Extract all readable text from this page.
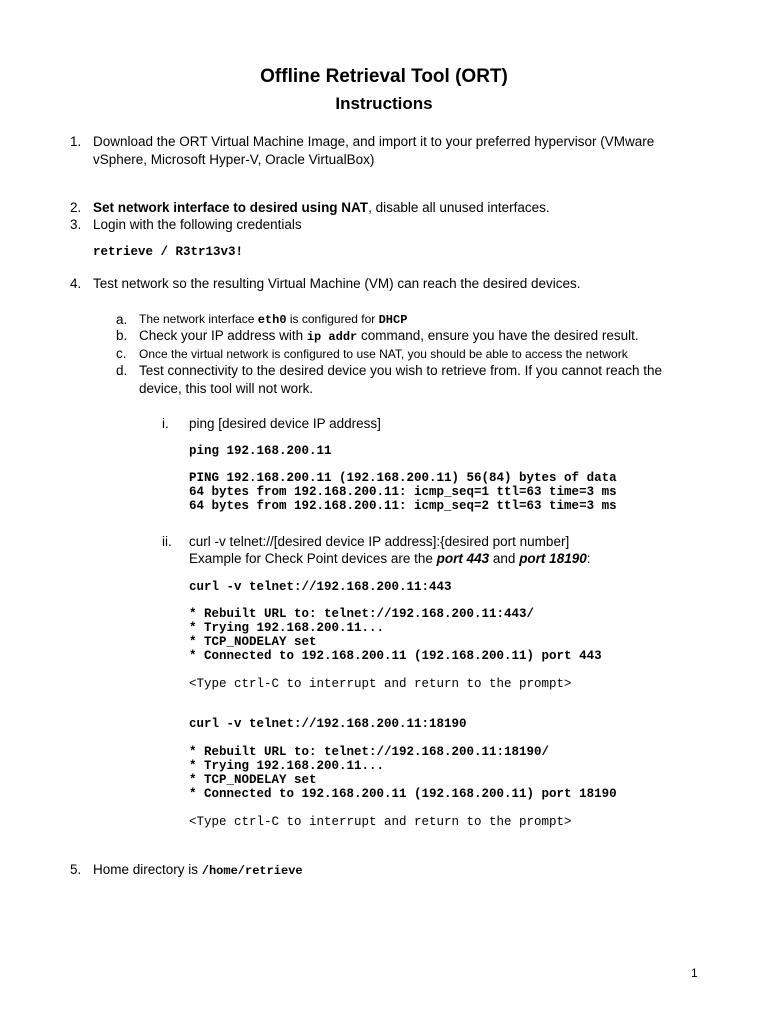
Offline Retrieval Tool (ORT)
Instructions
1. Download the ORT Virtual Machine Image, and import it to your preferred hypervisor (VMware
vSphere, Microsoft Hyper-V, Oracle VirtualBox)
2. Set network interface to desired using NAT, disable all unused interfaces.
3. Login with the following credentials
retrieve / R3tr13v3!
4. Test network so the resulting Virtual Machine (VM) can reach the desired devices.
a. The network interface eth0 is configured for DHCP
b. Check your IP address with ip addr command, ensure you have the desired result.
c. Once the virtual network is configured to use NAT, you should be able to access the network
d. Test connectivity to the desired device you wish to retrieve from. If you cannot reach the
device, this tool will not work.
i. ping [desired device IP address]
ping 192.168.200.11
PING 192.168.200.11 (192.168.200.11) 56(84) bytes of data
64 bytes from 192.168.200.11: icmp_seq=1 ttl=63 time=3 ms
64 bytes from 192.168.200.11: icmp_seq=2 ttl=63 time=3 ms
ii. curl -v telnet://[desired device IP address]:{desired port number]
Example for Check Point devices are the port 443 and port 18190:
curl -v telnet://192.168.200.11:443
* Rebuilt URL to: telnet://192.168.200.11:443/
* Trying 192.168.200.11...
* TCP_NODELAY set
* Connected to 192.168.200.11 (192.168.200.11) port 443
<Type ctrl-C to interrupt and return to the prompt>
curl -v telnet://192.168.200.11:18190
* Rebuilt URL to: telnet://192.168.200.11:18190/
* Trying 192.168.200.11...
* TCP_NODELAY set
* Connected to 192.168.200.11 (192.168.200.11) port 18190
<Type ctrl-C to interrupt and return to the prompt>
5. Home directory is /home/retrieve
1
